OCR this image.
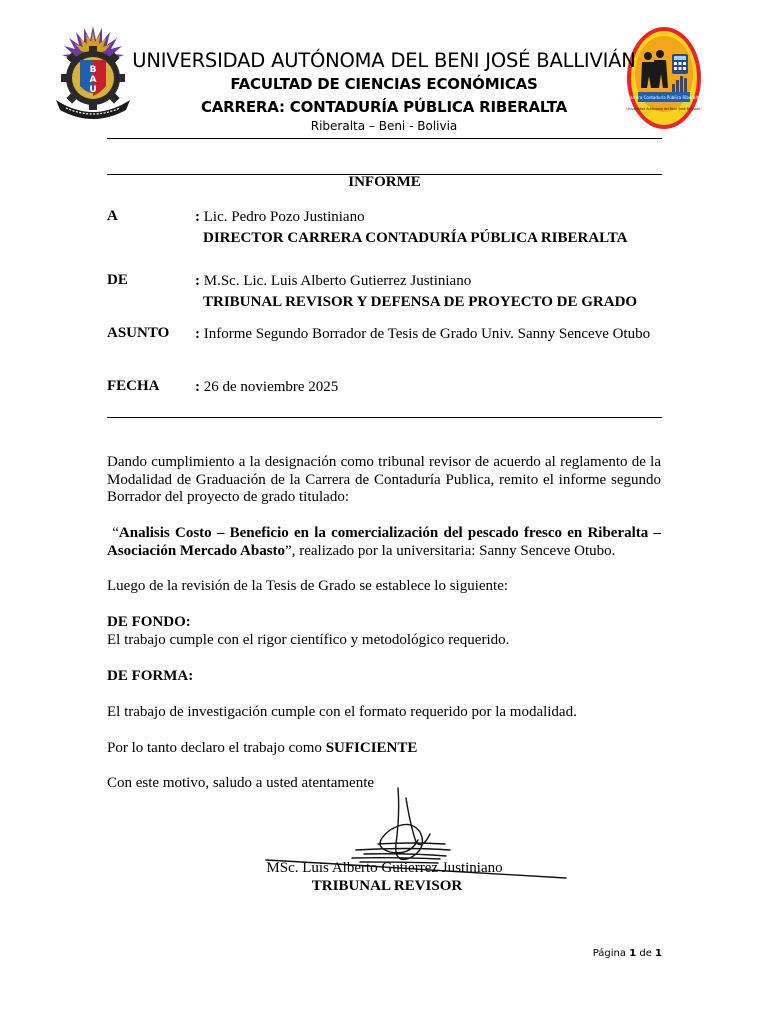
B
A
U
Carrera Contaduría Pública Riberalta
Universidad Autónoma del Beni "José Ballivián"
UNIVERSIDAD AUTÓNOMA DEL BENI JOSÉ BALLIVIÁN
FACULTAD DE CIENCIAS ECONÓMICAS
CARRERA: CONTADURÍA PÚBLICA RIBERALTA
Riberalta – Beni - Bolivia
INFORME
A	: Lic. Pedro Pozo Justiniano
DIRECTOR CARRERA CONTADURÍA PÚBLICA RIBERALTA
DE	: M.Sc. Lic. Luis Alberto Gutierrez Justiniano
TRIBUNAL REVISOR Y DEFENSA DE PROYECTO DE GRADO
ASUNTO : Informe Segundo Borrador de Tesis de Grado Univ. Sanny Senceve Otubo
FECHA : 26 de noviembre 2025
Dando cumplimiento a la designación como tribunal revisor de acuerdo al reglamento de la Modalidad de Graduación de la Carrera de Contaduría Publica, remito el informe segundo Borrador del proyecto de grado titulado:
“Analisis Costo – Beneficio en la comercialización del pescado fresco en Riberalta – Asociación Mercado Abasto”, realizado por la universitaria: Sanny Senceve Otubo.
Luego de la revisión de la Tesis de Grado se establece lo siguiente:
DE FONDO:
El trabajo cumple con el rigor científico y metodológico requerido.
DE FORMA:
El trabajo de investigación cumple con el formato requerido por la modalidad.
Por lo tanto declaro el trabajo como SUFICIENTE
Con este motivo, saludo a usted atentamente
MSc. Luis Alberto Gutierrez Justiniano
TRIBUNAL REVISOR
Página 1 de 1
